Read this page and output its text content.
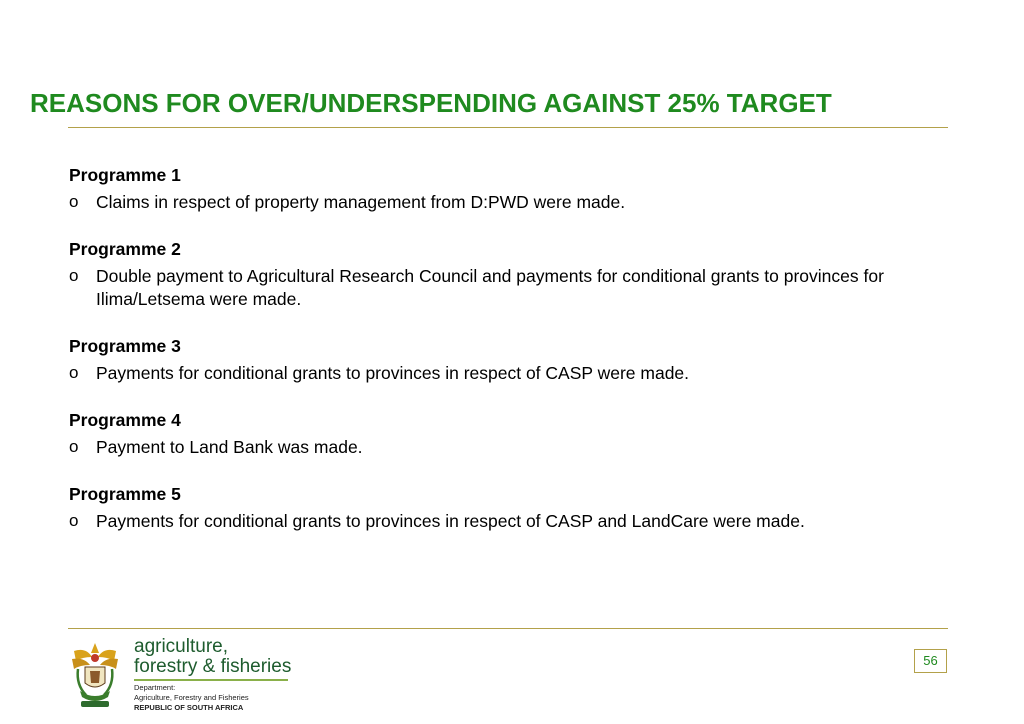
REASONS FOR OVER/UNDERSPENDING AGAINST 25% TARGET
Programme 1
o	Claims in respect of property management from D:PWD were made.
Programme 2
o	Double payment to Agricultural Research Council and payments for conditional grants to provinces for Ilima/Letsema were made.
Programme 3
o	Payments for conditional grants to provinces in respect of CASP were made.
Programme 4
o	Payment to Land Bank was made.
Programme 5
o	Payments for conditional grants to provinces in respect of CASP and LandCare were made.
agriculture,
forestry & fisheries
Department:
Agriculture, Forestry and Fisheries
REPUBLIC OF SOUTH AFRICA
56
